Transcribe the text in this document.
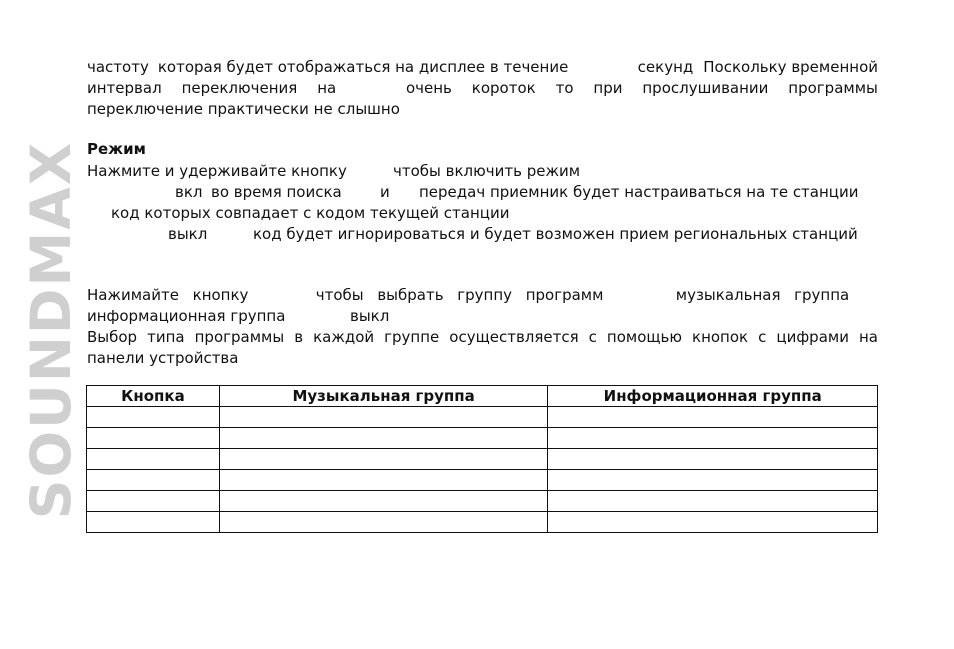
SOUNDMAX
частоту которая будет отображаться на дисплее в течение	секунд Поскольку временной
интервал переключения на	очень короток то при прослушивании программы
переключение практически не слышно
Режим
Нажмите и удерживайте кнопку	чтобы включить режим
вкл во время поиска	и передач приемник будет настраиваться на те станции
код которых совпадает с кодом текущей станции
выкл	код будет игнорироваться и будет возможен прием региональных станций
Нажимайте кнопку	чтобы выбрать группу программ	музыкальная группа
информационная группа	выкл
Выбор типа программы в каждой группе осуществляется с помощью кнопок с цифрами на
панели устройства
Кнопка	Музыкальная группа	Информационная группа
